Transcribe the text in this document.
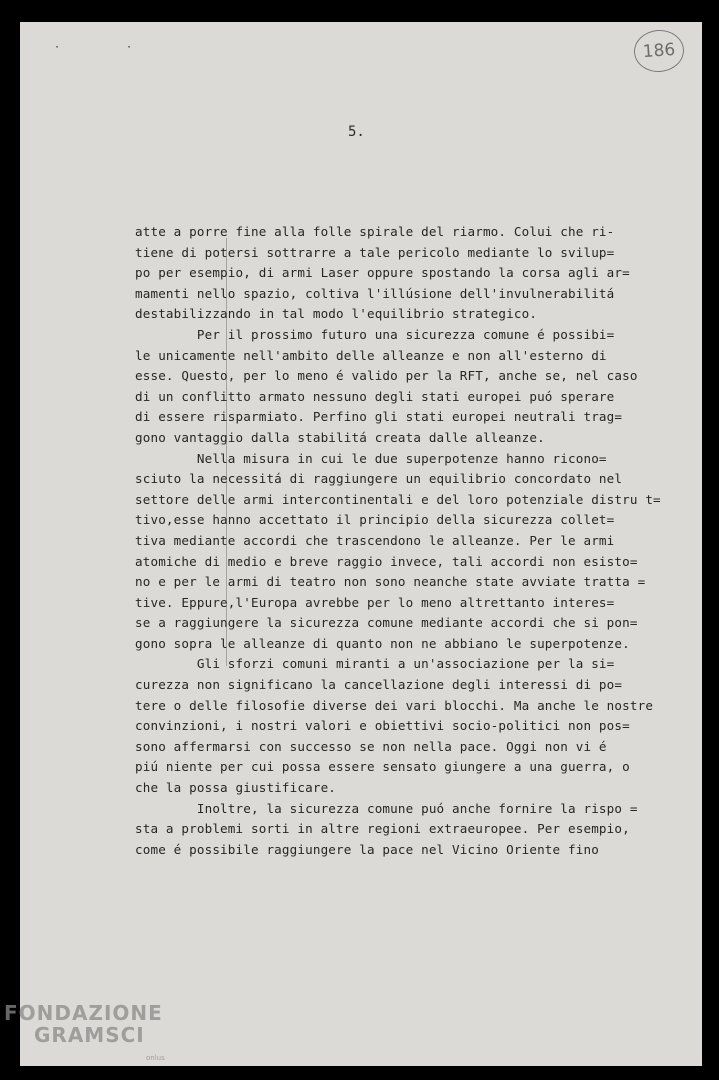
· ·	186
5.
atte a porre fine alla folle spirale del riarmo. Colui che ri-
tiene di potersi sottrarre a tale pericolo mediante lo svilup=
po per esempio, di armi Laser oppure spostando la corsa agli ar=
mamenti nello spazio, coltiva l'illúsione dell'invulnerabilitá
destabilizzando in tal modo l'equilibrio strategico.
Per il prossimo futuro una sicurezza comune é possibi=
le unicamente nell'ambito delle alleanze e non all'esterno di
esse. Questo, per lo meno é valido per la RFT, anche se, nel caso
di un conflitto armato nessuno degli stati europei puó sperare
di essere risparmiato. Perfino gli stati europei neutrali trag=
gono vantaggio dalla stabilitá creata dalle alleanze.
Nella misura in cui le due superpotenze hanno ricono=
sciuto la necessitá di raggiungere un equilibrio concordato nel
settore delle armi intercontinentali e del loro potenziale distru t=
tivo,esse hanno accettato il principio della sicurezza collet=
tiva mediante accordi che trascendono le alleanze. Per le armi
atomiche di medio e breve raggio invece, tali accordi non esisto=
no e per le armi di teatro non sono neanche state avviate tratta =
tive. Eppure,l'Europa avrebbe per lo meno altrettanto interes=
se a raggiungere la sicurezza comune mediante accordi che si pon=
gono sopra le alleanze di quanto non ne abbiano le superpotenze.
Gli sforzi comuni miranti a un'associazione per la si=
curezza non significano la cancellazione degli interessi di po=
tere o delle filosofie diverse dei vari blocchi. Ma anche le nostre
convinzioni, i nostri valori e obiettivi socio-politici non pos=
sono affermarsi con successo se non nella pace. Oggi non vi é
piú niente per cui possa essere sensato giungere a una guerra, o
che la possa giustificare.
Inoltre, la sicurezza comune puó anche fornire la rispo =
sta a problemi sorti in altre regioni extraeuropee. Per esempio,
come é possibile raggiungere la pace nel Vicino Oriente fino
FONDAZIONE
GRAMSCI
onlus
